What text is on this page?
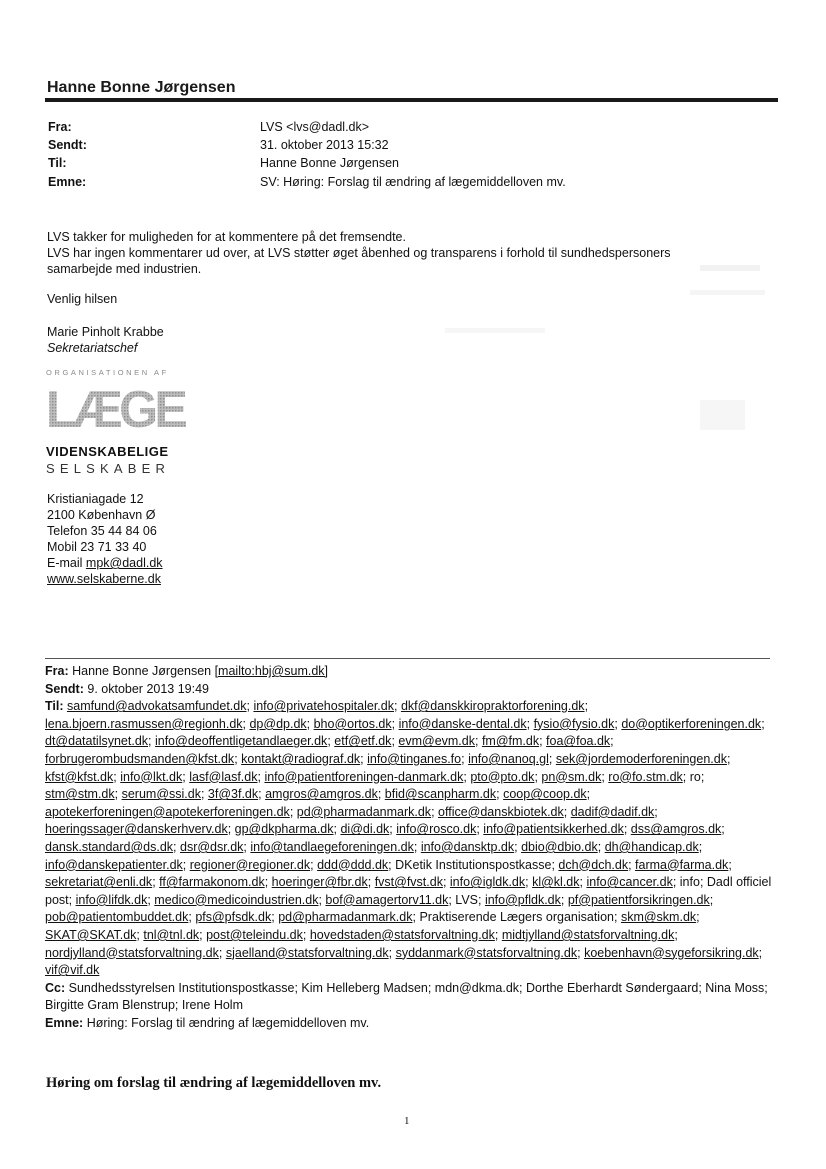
Hanne Bonne Jørgensen
Fra:	LVS <lvs@dadl.dk>
Sendt:	31. oktober 2013 15:32
Til:	Hanne Bonne Jørgensen
Emne:	SV: Høring: Forslag til ændring af lægemiddelloven mv.
LVS takker for muligheden for at kommentere på det fremsendte.
LVS har ingen kommentarer ud over, at LVS støtter øget åbenhed og transparens i forhold til sundhedspersoners
samarbejde med industrien.
Venlig hilsen
Marie Pinholt Krabbe
Sekretariatschef
ORGANISATIONEN AF
LÆGE
VIDENSKABELIGE
SELSKABER
Kristianiagade 12
2100 København Ø
Telefon 35 44 84 06
Mobil 23 71 33 40
E-mail mpk@dadl.dk
www.selskaberne.dk
Fra: Hanne Bonne Jørgensen [mailto:hbj@sum.dk]
Sendt: 9. oktober 2013 19:49
Til: samfund@advokatsamfundet.dk; info@privatehospitaler.dk; dkf@danskkiropraktorforening.dk; lena.bjoern.rasmussen@regionh.dk; dp@dp.dk; bho@ortos.dk; info@danske-dental.dk; fysio@fysio.dk; do@optikerforeningen.dk; dt@datatilsynet.dk; info@deoffentligetandlaeger.dk; etf@etf.dk; evm@evm.dk; fm@fm.dk; foa@foa.dk; forbrugerombudsmanden@kfst.dk; kontakt@radiograf.dk; info@tinganes.fo; info@nanoq.gl; sek@jordemoderforeningen.dk; kfst@kfst.dk; info@lkt.dk; lasf@lasf.dk; info@patientforeningen-danmark.dk; pto@pto.dk; pn@sm.dk; ro@fo.stm.dk; ro; stm@stm.dk; serum@ssi.dk; 3f@3f.dk; amgros@amgros.dk; bfid@scanpharm.dk; coop@coop.dk; apotekerforeningen@apotekerforeningen.dk; pd@pharmadanmark.dk; office@danskbiotek.dk; dadif@dadif.dk; hoeringssager@danskerhverv.dk; gp@dkpharma.dk; di@di.dk; info@rosco.dk; info@patientsikkerhed.dk; dss@amgros.dk; dansk.standard@ds.dk; dsr@dsr.dk; info@tandlaegeforeningen.dk; info@dansktp.dk; dbio@dbio.dk; dh@handicap.dk; info@danskepatienter.dk; regioner@regioner.dk; ddd@ddd.dk; DKetik Institutionspostkasse; dch@dch.dk; farma@farma.dk; sekretariat@enli.dk; ff@farmakonom.dk; hoeringer@fbr.dk; fvst@fvst.dk; info@igldk.dk; kl@kl.dk; info@cancer.dk; info; Dadl officiel post; info@lifdk.dk; medico@medicoindustrien.dk; bof@amagertorv11.dk; LVS; info@pfldk.dk; pf@patientforsikringen.dk; pob@patientombuddet.dk; pfs@pfsdk.dk; pd@pharmadanmark.dk; Praktiserende Lægers organisation; skm@skm.dk; SKAT@SKAT.dk; tnl@tnl.dk; post@teleindu.dk; hovedstaden@statsforvaltning.dk; midtjylland@statsforvaltning.dk; nordjylland@statsforvaltning.dk; sjaelland@statsforvaltning.dk; syddanmark@statsforvaltning.dk; koebenhavn@sygeforsikring.dk; vif@vif.dk
Cc: Sundhedsstyrelsen Institutionspostkasse; Kim Helleberg Madsen; mdn@dkma.dk; Dorthe Eberhardt Søndergaard; Nina Moss; Birgitte Gram Blenstrup; Irene Holm
Emne: Høring: Forslag til ændring af lægemiddelloven mv.
Høring om forslag til ændring af lægemiddelloven mv.
1
